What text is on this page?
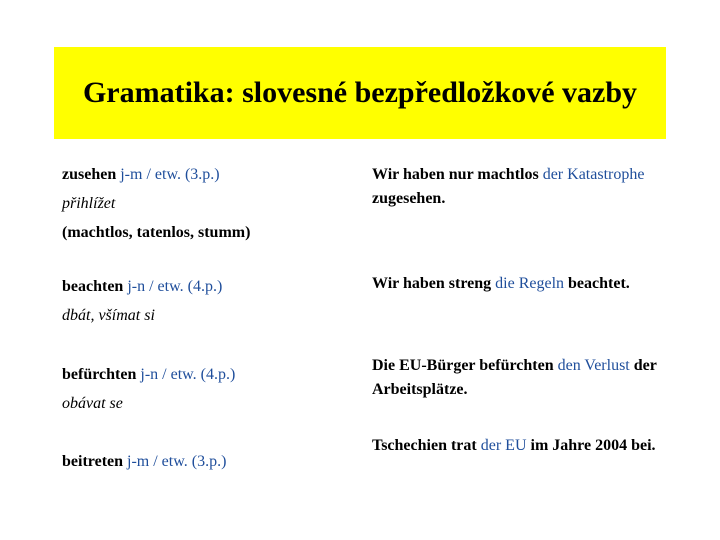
Gramatika: slovesné bezpředložkové vazby
zusehen j-m / etw. (3.p.)
přihlížet
(machtlos, tatenlos, stumm)
Wir haben nur machtlos der Katastrophe zugesehen.
beachten j-n / etw. (4.p.)
dbát, všímat si
Wir haben streng die Regeln beachtet.
befürchten j-n / etw. (4.p.)
obávat se
Die EU-Bürger befürchten den Verlust der Arbeitsplätze.
beitreten j-m / etw. (3.p.)
Tschechien trat der EU im Jahre 2004 bei.
